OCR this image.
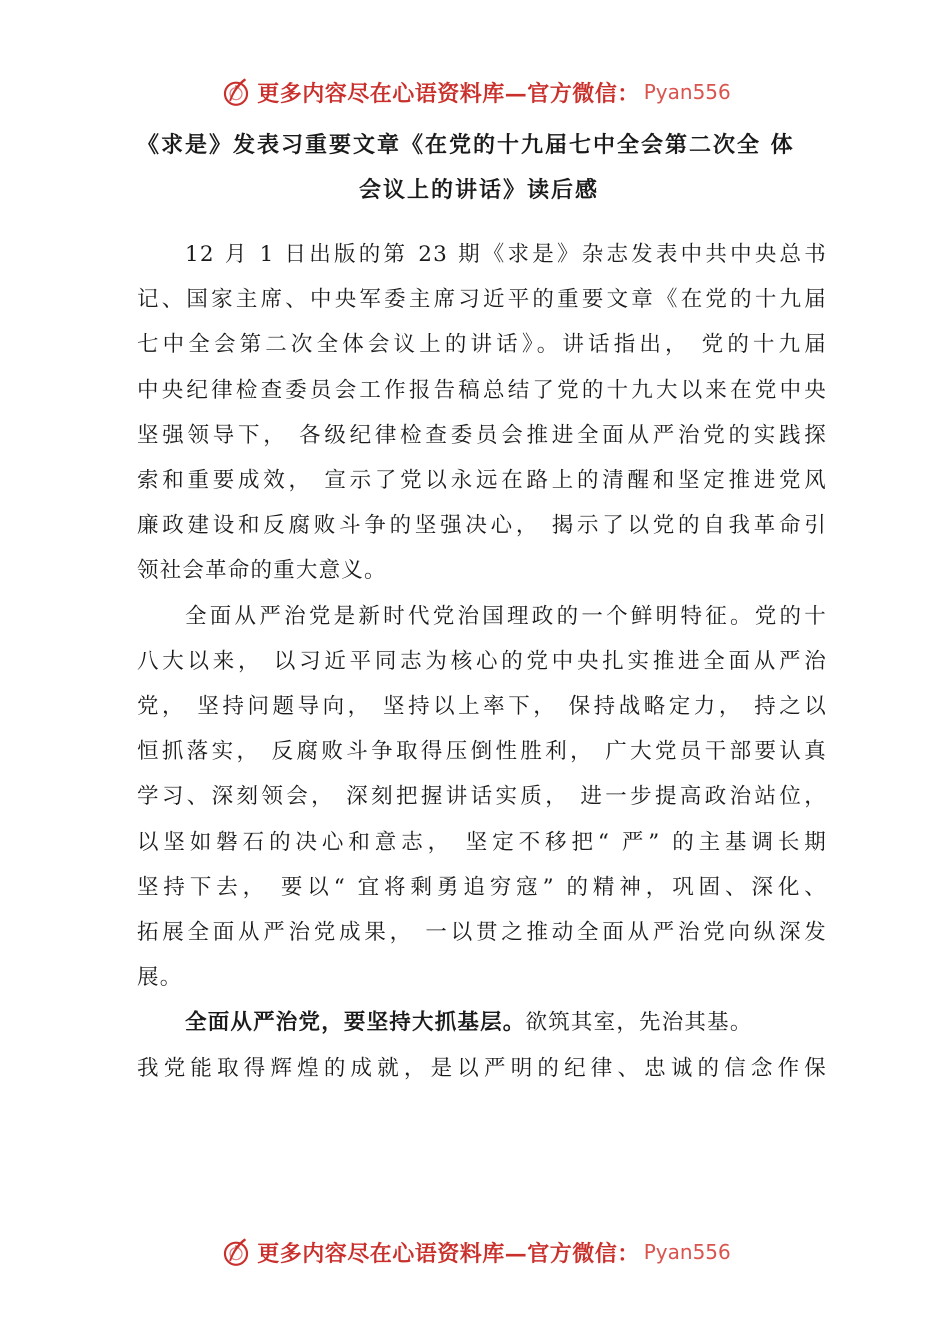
更多内容尽在心语资料库—官方微信： Pyan556
《求是》发表习重要文章《在党的十九届七中全会第二次全 体
会议上的讲话》读后感
12 月 1 日出版的第 23 期《求是》杂志发表中共中央总书
记、国家主席、中央军委主席习近平的重要文章《在党的十九届
七中全会第二次全体会议上的讲话》。讲话指出， 党的十九届
中央纪律检查委员会工作报告稿总结了党的十九大以来在党中央
坚强领导下， 各级纪律检查委员会推进全面从严治党的实践探
索和重要成效， 宣示了党以永远在路上的清醒和坚定推进党风
廉政建设和反腐败斗争的坚强决心， 揭示了以党的自我革命引
领社会革命的重大意义。
全面从严治党是新时代党治国理政的一个鲜明特征。党的十
八大以来， 以习近平同志为核心的党中央扎实推进全面从严治
党， 坚持问题导向， 坚持以上率下， 保持战略定力， 持之以
恒抓落实， 反腐败斗争取得压倒性胜利， 广大党员干部要认真
学习、深刻领会， 深刻把握讲话实质， 进一步提高政治站位，
以坚如磐石的决心和意志， 坚定不移把“ 严” 的主基调长期
坚持下去， 要以“ 宜将剩勇追穷寇” 的精神，巩固、深化、
拓展全面从严治党成果， 一以贯之推动全面从严治党向纵深发
展。
全面从严治党，要坚持大抓基层。欲筑其室，先治其基。
我党能取得辉煌的成就，是以严明的纪律、忠诚的信念作保
更多内容尽在心语资料库—官方微信： Pyan556
